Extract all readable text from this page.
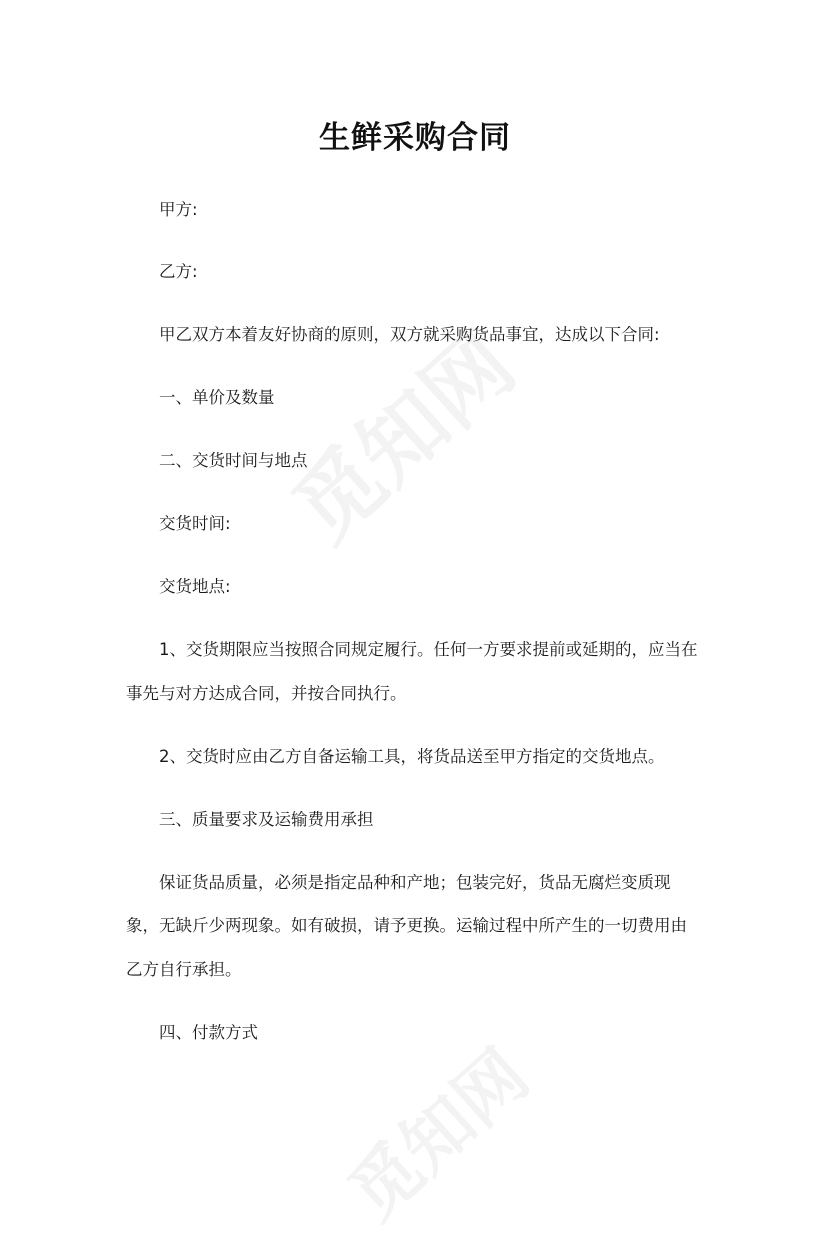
生鲜采购合同

甲方:

乙方:

甲乙双方本着友好协商的原则，双方就采购货品事宜，达成以下合同:

一、单价及数量

二、交货时间与地点

交货时间:

交货地点:

1、交货期限应当按照合同规定履行。任何一方要求提前或延期的，应当在

事先与对方达成合同，并按合同执行。

2、交货时应由乙方自备运输工具，将货品送至甲方指定的交货地点。

三、质量要求及运输费用承担

保证货品质量，必须是指定品种和产地；包装完好，货品无腐烂变质现

象，无缺斤少两现象。如有破损，请予更换。运输过程中所产生的一切费用由

乙方自行承担。

四、付款方式
